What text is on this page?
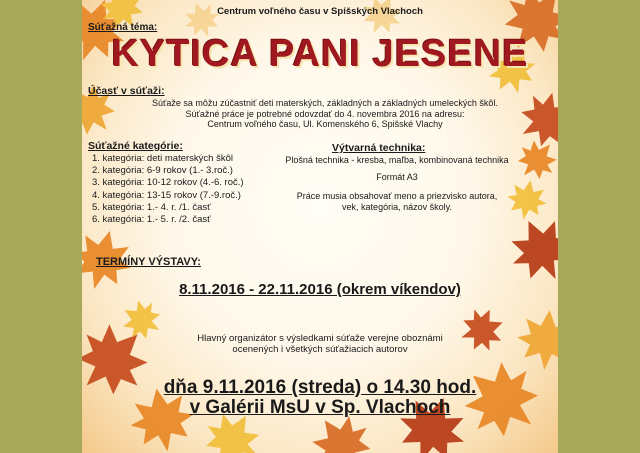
Centrum voľného času v Spišských Vlachoch
Súťažná téma:
KYTICA PANI JESENE
Účasť v súťaži:
Súťaže sa môžu zúčastniť deti materských, základných a základných umeleckých škôl.
Súťažné práce je potrebné odovzdať do 4. novembra 2016 na adresu:
Centrum voľného času, Ul. Komenského 6, Spišské Vlachy
Súťažné kategórie:
1. kategória: deti materských škôl
2. kategória: 6-9 rokov (1.- 3.roč.)
3. kategória: 10-12 rokov (4.-6. roč.)
4. kategória: 13-15 rokov (7.-9.roč.)
5. kategória: 1.- 4. r. /1. časť
6. kategória: 1.- 5. r. /2. časť
Výtvarná technika:
Plošná technika - kresba, maľba, kombinovaná technika
Formát A3
Práce musia obsahovať meno a priezvisko autora,
vek, kategória, názov školy.
TERMÍNY VÝSTAVY:
8.11.2016 - 22.11.2016 (okrem víkendov)
Hlavný organizátor s výsledkami súťaže verejne oboznámi
ocenených i všetkých súťažiacich autorov
dňa 9.11.2016 (streda) o 14.30 hod.
v Galérii MsU v Sp. Vlachoch
